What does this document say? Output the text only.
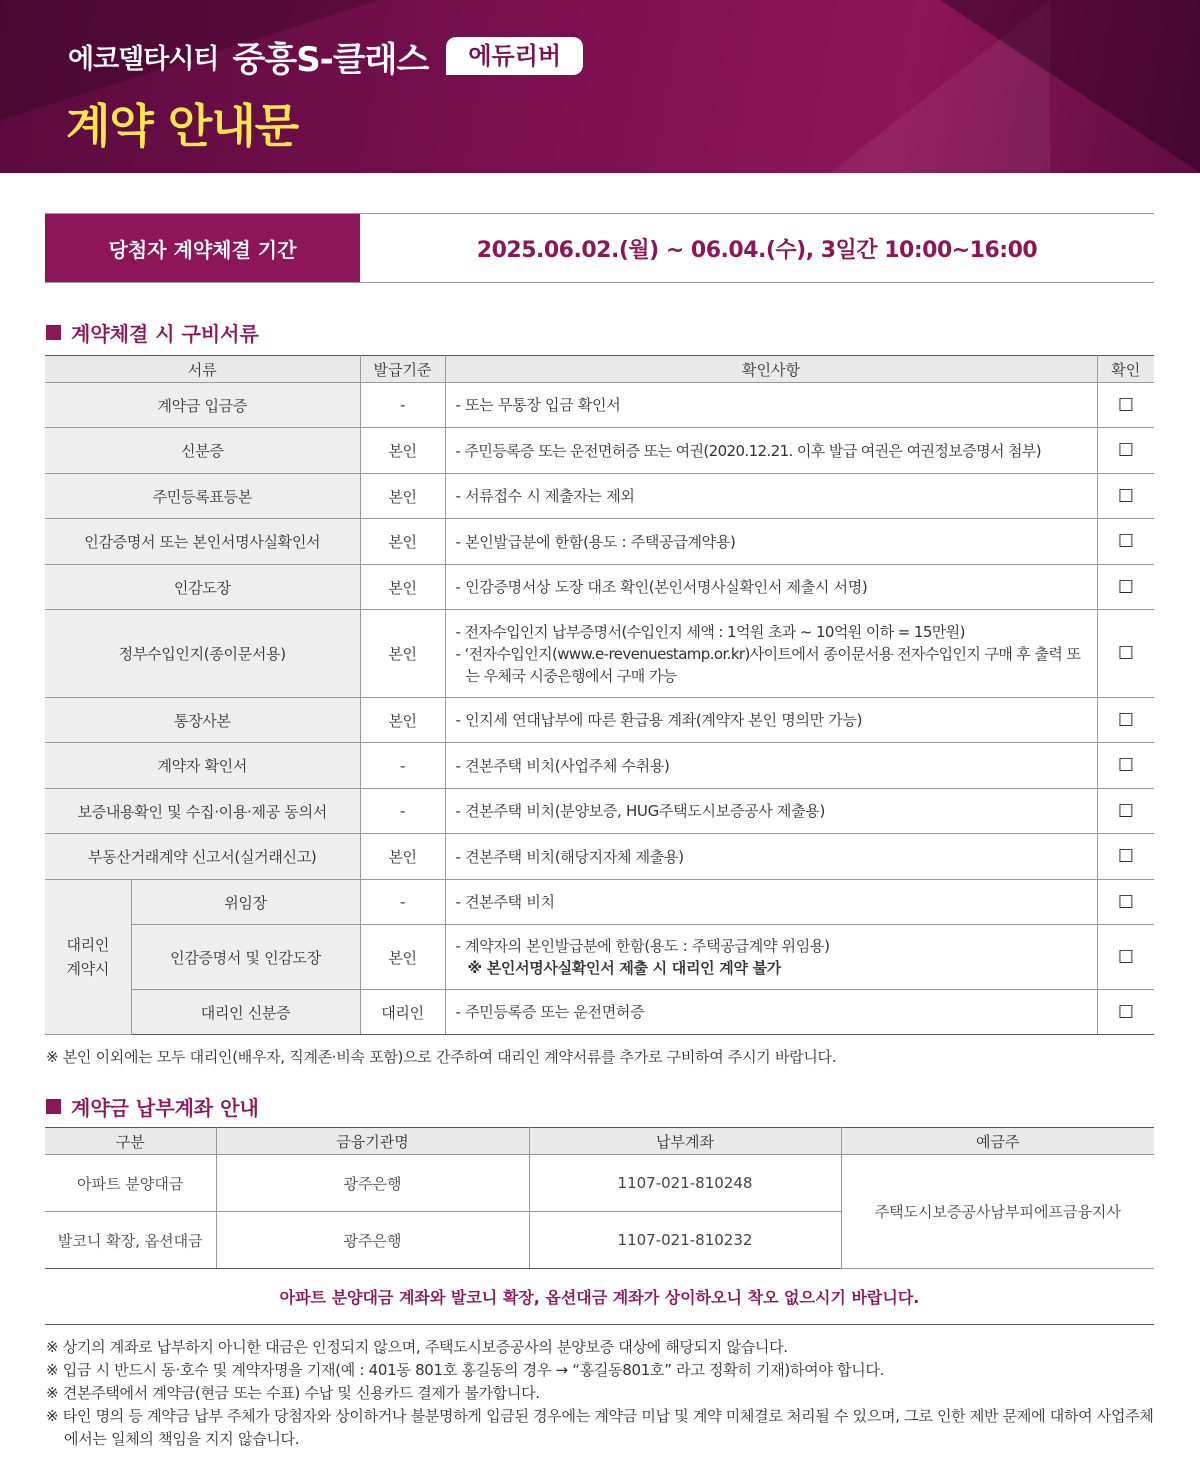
에코델타시티 중흥S-클래스	에듀리버
계약 안내문
당첨자 계약체결 기간	2025.06.02.(월) ~ 06.04.(수), 3일간 10:00~16:00
계약체결 시 구비서류
서류		발급기준	확인사항	확인
계약금 입금증		-	- 또는 무통장 입금 확인서	☐
신분증		본인	- 주민등록증 또는 운전면허증 또는 여권(2020.12.21. 이후 발급 여권은 여권정보증명서 첨부)	☐
주민등록표등본		본인	- 서류접수 시 제출자는 제외	☐
인감증명서 또는 본인서명사실확인서		본인	- 본인발급분에 한함(용도 : 주택공급계약용)	☐
인감도장		본인	- 인감증명서상 도장 대조 확인(본인서명사실확인서 제출시 서명)	☐
정부수입인지(종이문서용)		본인	- 전자수입인지 납부증명서(수입인지 세액 : 1억원 초과 ~ 10억원 이하 = 15만원)
- ‘전자수입인지(www.e-revenuestamp.or.kr)사이트에서 종이문서용 전자수입인지 구매 후 출력 또는 우체국 시중은행에서 구매 가능	☐
통장사본		본인	- 인지세 연대납부에 따른 환급용 계좌(계약자 본인 명의만 가능)	☐
계약자 확인서		-	- 견본주택 비치(사업주체 수취용)	☐
보증내용확인 및 수집·이용·제공 동의서		-	- 견본주택 비치(분양보증, HUG주택도시보증공사 제출용)	☐
부동산거래계약 신고서(실거래신고)		본인	- 견본주택 비치(해당지자체 제출용)	☐
대리인
계약시	위임장	-	- 견본주택 비치	☐
	인감증명서 및 인감도장	본인	- 계약자의 본인발급분에 한함(용도 : 주택공급계약 위임용)
※ 본인서명사실확인서 제출 시 대리인 계약 불가	☐
	대리인 신분증	대리인	- 주민등록증 또는 운전면허증	☐
※ 본인 이외에는 모두 대리인(배우자, 직계존·비속 포함)으로 간주하여 대리인 계약서류를 추가로 구비하여 주시기 바랍니다.
계약금 납부계좌 안내
구분	금융기관명	납부계좌	예금주
아파트 분양대금	광주은행	1107-021-810248	주택도시보증공사남부피에프금융지사
발코니 확장, 옵션대금	광주은행	1107-021-810232	
아파트 분양대금 계좌와 발코니 확장, 옵션대금 계좌가 상이하오니 착오 없으시기 바랍니다.
※ 상기의 계좌로 납부하지 아니한 대금은 인정되지 않으며, 주택도시보증공사의 분양보증 대상에 해당되지 않습니다.
※ 입금 시 반드시 동·호수 및 계약자명을 기재(예 : 401동 801호 홍길동의 경우 → “홍길동801호” 라고 정확히 기재)하여야 합니다.
※ 견본주택에서 계약금(현금 또는 수표) 수납 및 신용카드 결제가 불가합니다.
※ 타인 명의 등 계약금 납부 주체가 당첨자와 상이하거나 불분명하게 입금된 경우에는 계약금 미납 및 계약 미체결로 처리될 수 있으며, 그로 인한 제반 문제에 대하여 사업주체에서는 일체의 책임을 지지 않습니다.
